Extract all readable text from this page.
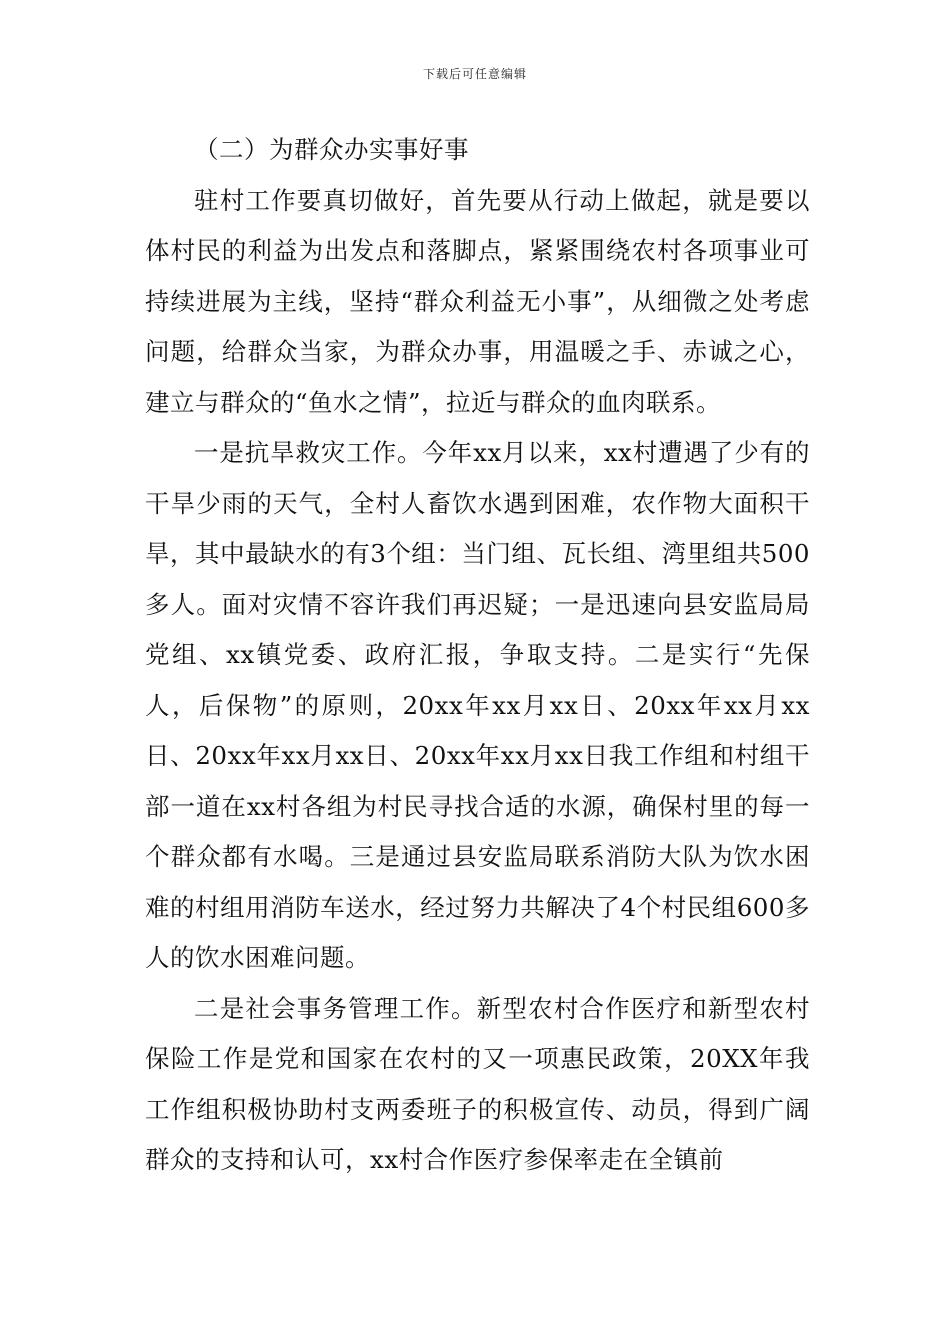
下载后可任意编辑

（二）为群众办实事好事

驻村工作要真切做好，首先要从行动上做起，就是要以体村民的利益为出发点和落脚点，紧紧围绕农村各项事业可持续进展为主线，坚持“群众利益无小事”，从细微之处考虑问题，给群众当家，为群众办事，用温暖之手、赤诚之心，建立与群众的“鱼水之情”，拉近与群众的血肉联系。

一是抗旱救灾工作。今年xx月以来，xx村遭遇了少有的干旱少雨的天气，全村人畜饮水遇到困难，农作物大面积干旱，其中最缺水的有3个组：当门组、瓦长组、湾里组共500多人。面对灾情不容许我们再迟疑；一是迅速向县安监局局党组、xx镇党委、政府汇报，争取支持。二是实行“先保人，后保物”的原则，20xx年xx月xx日、20xx年xx月xx日、20xx年xx月xx日、20xx年xx月xx日我工作组和村组干部一道在xx村各组为村民寻找合适的水源，确保村里的每一个群众都有水喝。三是通过县安监局联系消防大队为饮水困难的村组用消防车送水，经过努力共解决了4个村民组600多人的饮水困难问题。

二是社会事务管理工作。新型农村合作医疗和新型农村保险工作是党和国家在农村的又一项惠民政策，20XX年我工作组积极协助村支两委班子的积极宣传、动员，得到广阔群众的支持和认可，xx村合作医疗参保率走在全镇前
